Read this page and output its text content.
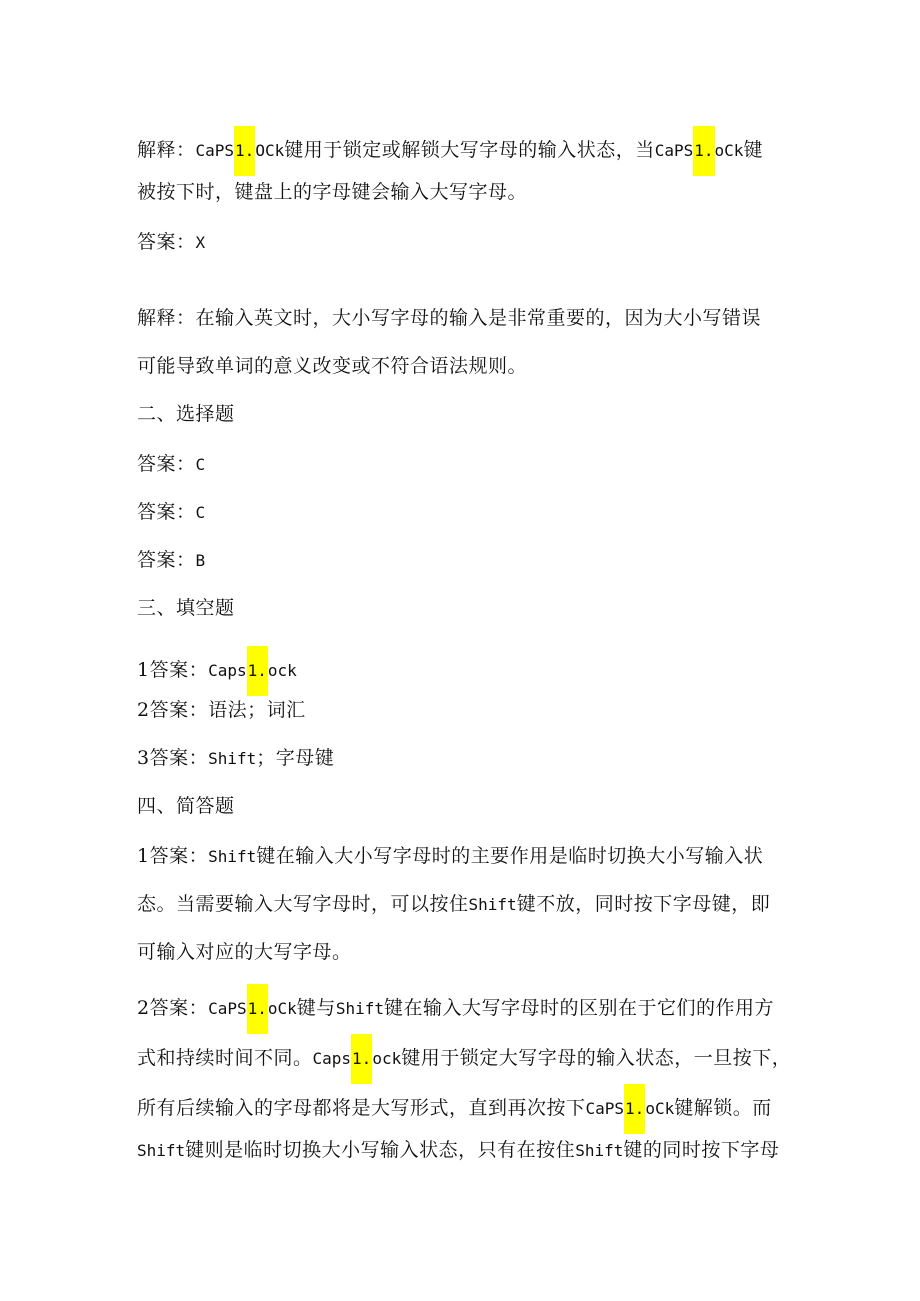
解释：CaPS1.OCk键用于锁定或解锁大写字母的输入状态，当CaPS1.oCk键
被按下时，键盘上的字母键会输入大写字母。
答案：X
解释：在输入英文时，大小写字母的输入是非常重要的，因为大小写错误
可能导致单词的意义改变或不符合语法规则。
二、选择题
答案：C
答案：C
答案：B
三、填空题
1答案：Caps1.ock
2答案：语法；词汇
3答案：Shift；字母键
四、简答题
1答案：Shift键在输入大小写字母时的主要作用是临时切换大小写输入状
态。当需要输入大写字母时，可以按住Shift键不放，同时按下字母键，即
可输入对应的大写字母。
2答案：CaPS1.oCk键与Shift键在输入大写字母时的区别在于它们的作用方
式和持续时间不同。Caps1.ock键用于锁定大写字母的输入状态，一旦按下，
所有后续输入的字母都将是大写形式，直到再次按下CaPS1.oCk键解锁。而
Shift键则是临时切换大小写输入状态，只有在按住Shift键的同时按下字母
